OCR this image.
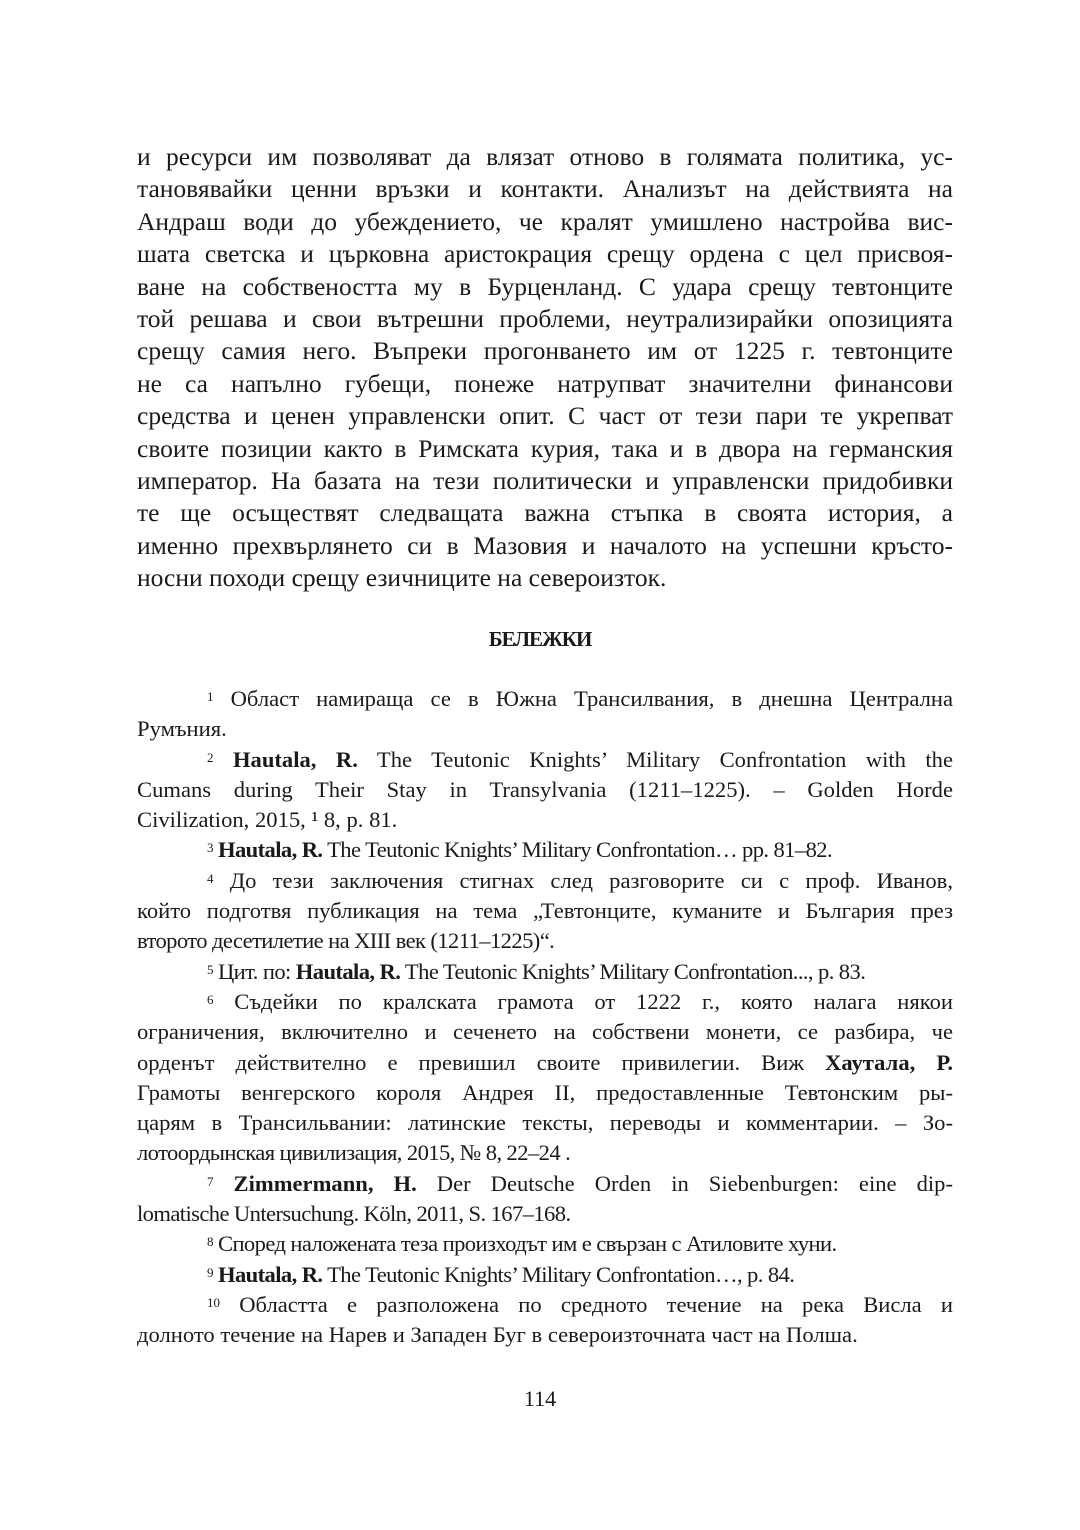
и ресурси им позволяват да влязат отново в голямата политика, ус-
тановявайки ценни връзки и контакти. Анализът на действията на
Андраш води до убеждението, че кралят умишлено настройва вис-
шата светска и църковна аристокрация срещу ордена с цел присвоя-
ване на собствеността му в Бурценланд. С удара срещу тевтонците
той решава и свои вътрешни проблеми, неутрализирайки опозицията
срещу самия него. Въпреки прогонването им от 1225 г. тевтонците
не са напълно губещи, понеже натрупват значителни финансови
средства и ценен управленски опит. С част от тези пари те укрепват
своите позиции както в Римската курия, така и в двора на германския
император. На базата на тези политически и управленски придобивки
те ще осъществят следващата важна стъпка в своята история, а
именно прехвърлянето си в Мазовия и началото на успешни кръсто-
носни походи срещу езичниците на североизток.
БЕЛЕЖКИ
$^1$ Област намираща се в Южна Трансилвания, в днешна Централна
Румъния.
$^2$ Hautala, R. The Teutonic Knights’ Military Confrontation with the
Cumans during Their Stay in Transylvania (1211–1225). – Golden Horde
Civilization, 2015, ¹ 8, p. 81.
$^3$ Hautala, R. The Teutonic Knights’ Military Confrontation… pp. 81–82.
$^4$ До тези заключения стигнах след разговорите си с проф. Иванов,
който подготвя публикация на тема „Тевтонците, куманите и България през
второто десетилетие на XIII век (1211–1225)“.
$^5$ Цит. по: Hautala, R. The Teutonic Knights’ Military Confrontation..., p. 83.
$^6$ Съдейки по кралската грамота от 1222 г., която налага някои
ограничения, включително и сеченето на собствени монети, се разбира, че
орденът действително е превишил своите привилегии. Виж Хаутала, Р.
Грамоты венгерского короля Андрея II, предоставленные Тевтонским ры-
царям в Трансильвании: латинские тексты, переводы и комментарии. – Зо-
лотоордынская цивилизация, 2015, № 8, 22–24 .
$^7$ Zimmermann, H. Der Deutsche Orden in Siebenburgen: eine dip-
lomatische Untersuchung. Köln, 2011, S. 167–168.
$^8$ Според наложената теза произходът им е свързан с Атиловите хуни.
$^9$ Hautala, R. The Teutonic Knights’ Military Confrontation…, p. 84.
$^{10}$ Областта е разположена по средното течение на река Висла и
долното течение на Нарев и Западен Буг в североизточната част на Полша.
114
